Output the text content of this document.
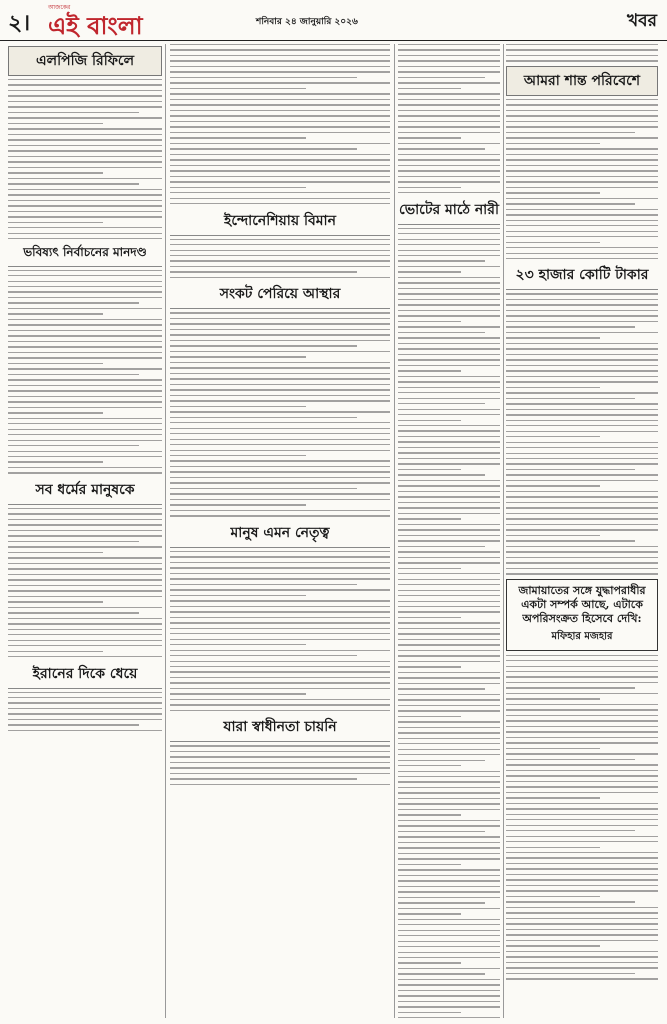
২।
আজকের
এই বাংলা	শনিবার ২৪ জানুয়ারি ২০২৬	খবর
এলপিজি রিফিলে
ভবিষ্যৎ নির্বাচনের মানদণ্ড
সব ধর্মের মানুষকে
ইরানের দিকে ধেয়ে
ইন্দোনেশিয়ায় বিমান
সংকট পেরিয়ে আস্থার
মানুষ এমন নেতৃত্ব
যারা স্বাধীনতা চায়নি
ভোটের মাঠে নারী
আমরা শান্ত পরিবেশে
২৩ হাজার কোটি টাকার
জামায়াতের সঙ্গে যুদ্ধাপরাধীর একটা সম্পর্ক আছে, এটাকে অপরিসংক্রত হিসেবে দেখি:
মফিহার মজহার
